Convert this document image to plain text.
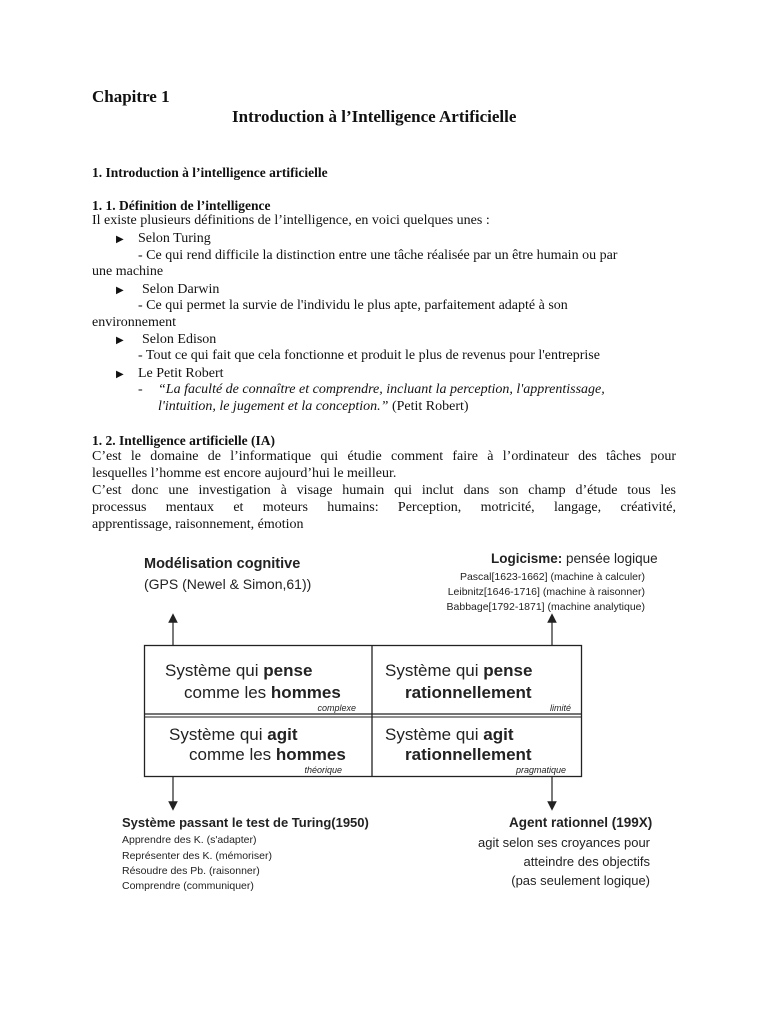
Chapitre 1
Introduction à l’Intelligence Artificielle
1. Introduction à l’intelligence artificielle
1. 1. Définition de l’intelligence
Il existe plusieurs définitions de l’intelligence, en voici quelques unes :
▶ Selon Turing
- Ce qui rend difficile la distinction entre une tâche réalisée par un être humain ou par
une machine
▶ Selon Darwin
- Ce qui permet la survie de l'individu le plus apte, parfaitement adapté à son
environnement
▶ Selon Edison
- Tout ce qui fait que cela fonctionne et produit le plus de revenus pour l'entreprise
▶ Le Petit Robert
- “La faculté de connaître et comprendre, incluant la perception, l'apprentissage,
l'intuition, le jugement et la conception.” (Petit Robert)
1. 2. Intelligence artificielle (IA)
C’est le domaine de l’informatique qui étudie comment faire à l’ordinateur des tâches pour
lesquelles l’homme est encore aujourd’hui le meilleur.
C’est donc une investigation à visage humain qui inclut dans son champ d’étude tous les
processus mentaux et moteurs humains: Perception, motricité, langage, créativité,
apprentissage, raisonnement, émotion
Modélisation cognitive
(GPS (Newel & Simon,61))
Logicisme: pensée logique
Pascal[1623-1662] (machine à calculer)
Leibnitz[1646-1716] (machine à raisonner)
Babbage[1792-1871] (machine analytique)
Système qui pense
comme les hommes
complexe
Système qui pense
rationnellement
limité
Système qui agit
comme les hommes
théorique
Système qui agit
rationnellement
pragmatique
Système passant le test de Turing(1950)
Apprendre des K. (s'adapter)
Représenter des K. (mémoriser)
Résoudre des Pb. (raisonner)
Comprendre (communiquer)
Agent rationnel (199X)
agit selon ses croyances pour
atteindre des objectifs
(pas seulement logique)
